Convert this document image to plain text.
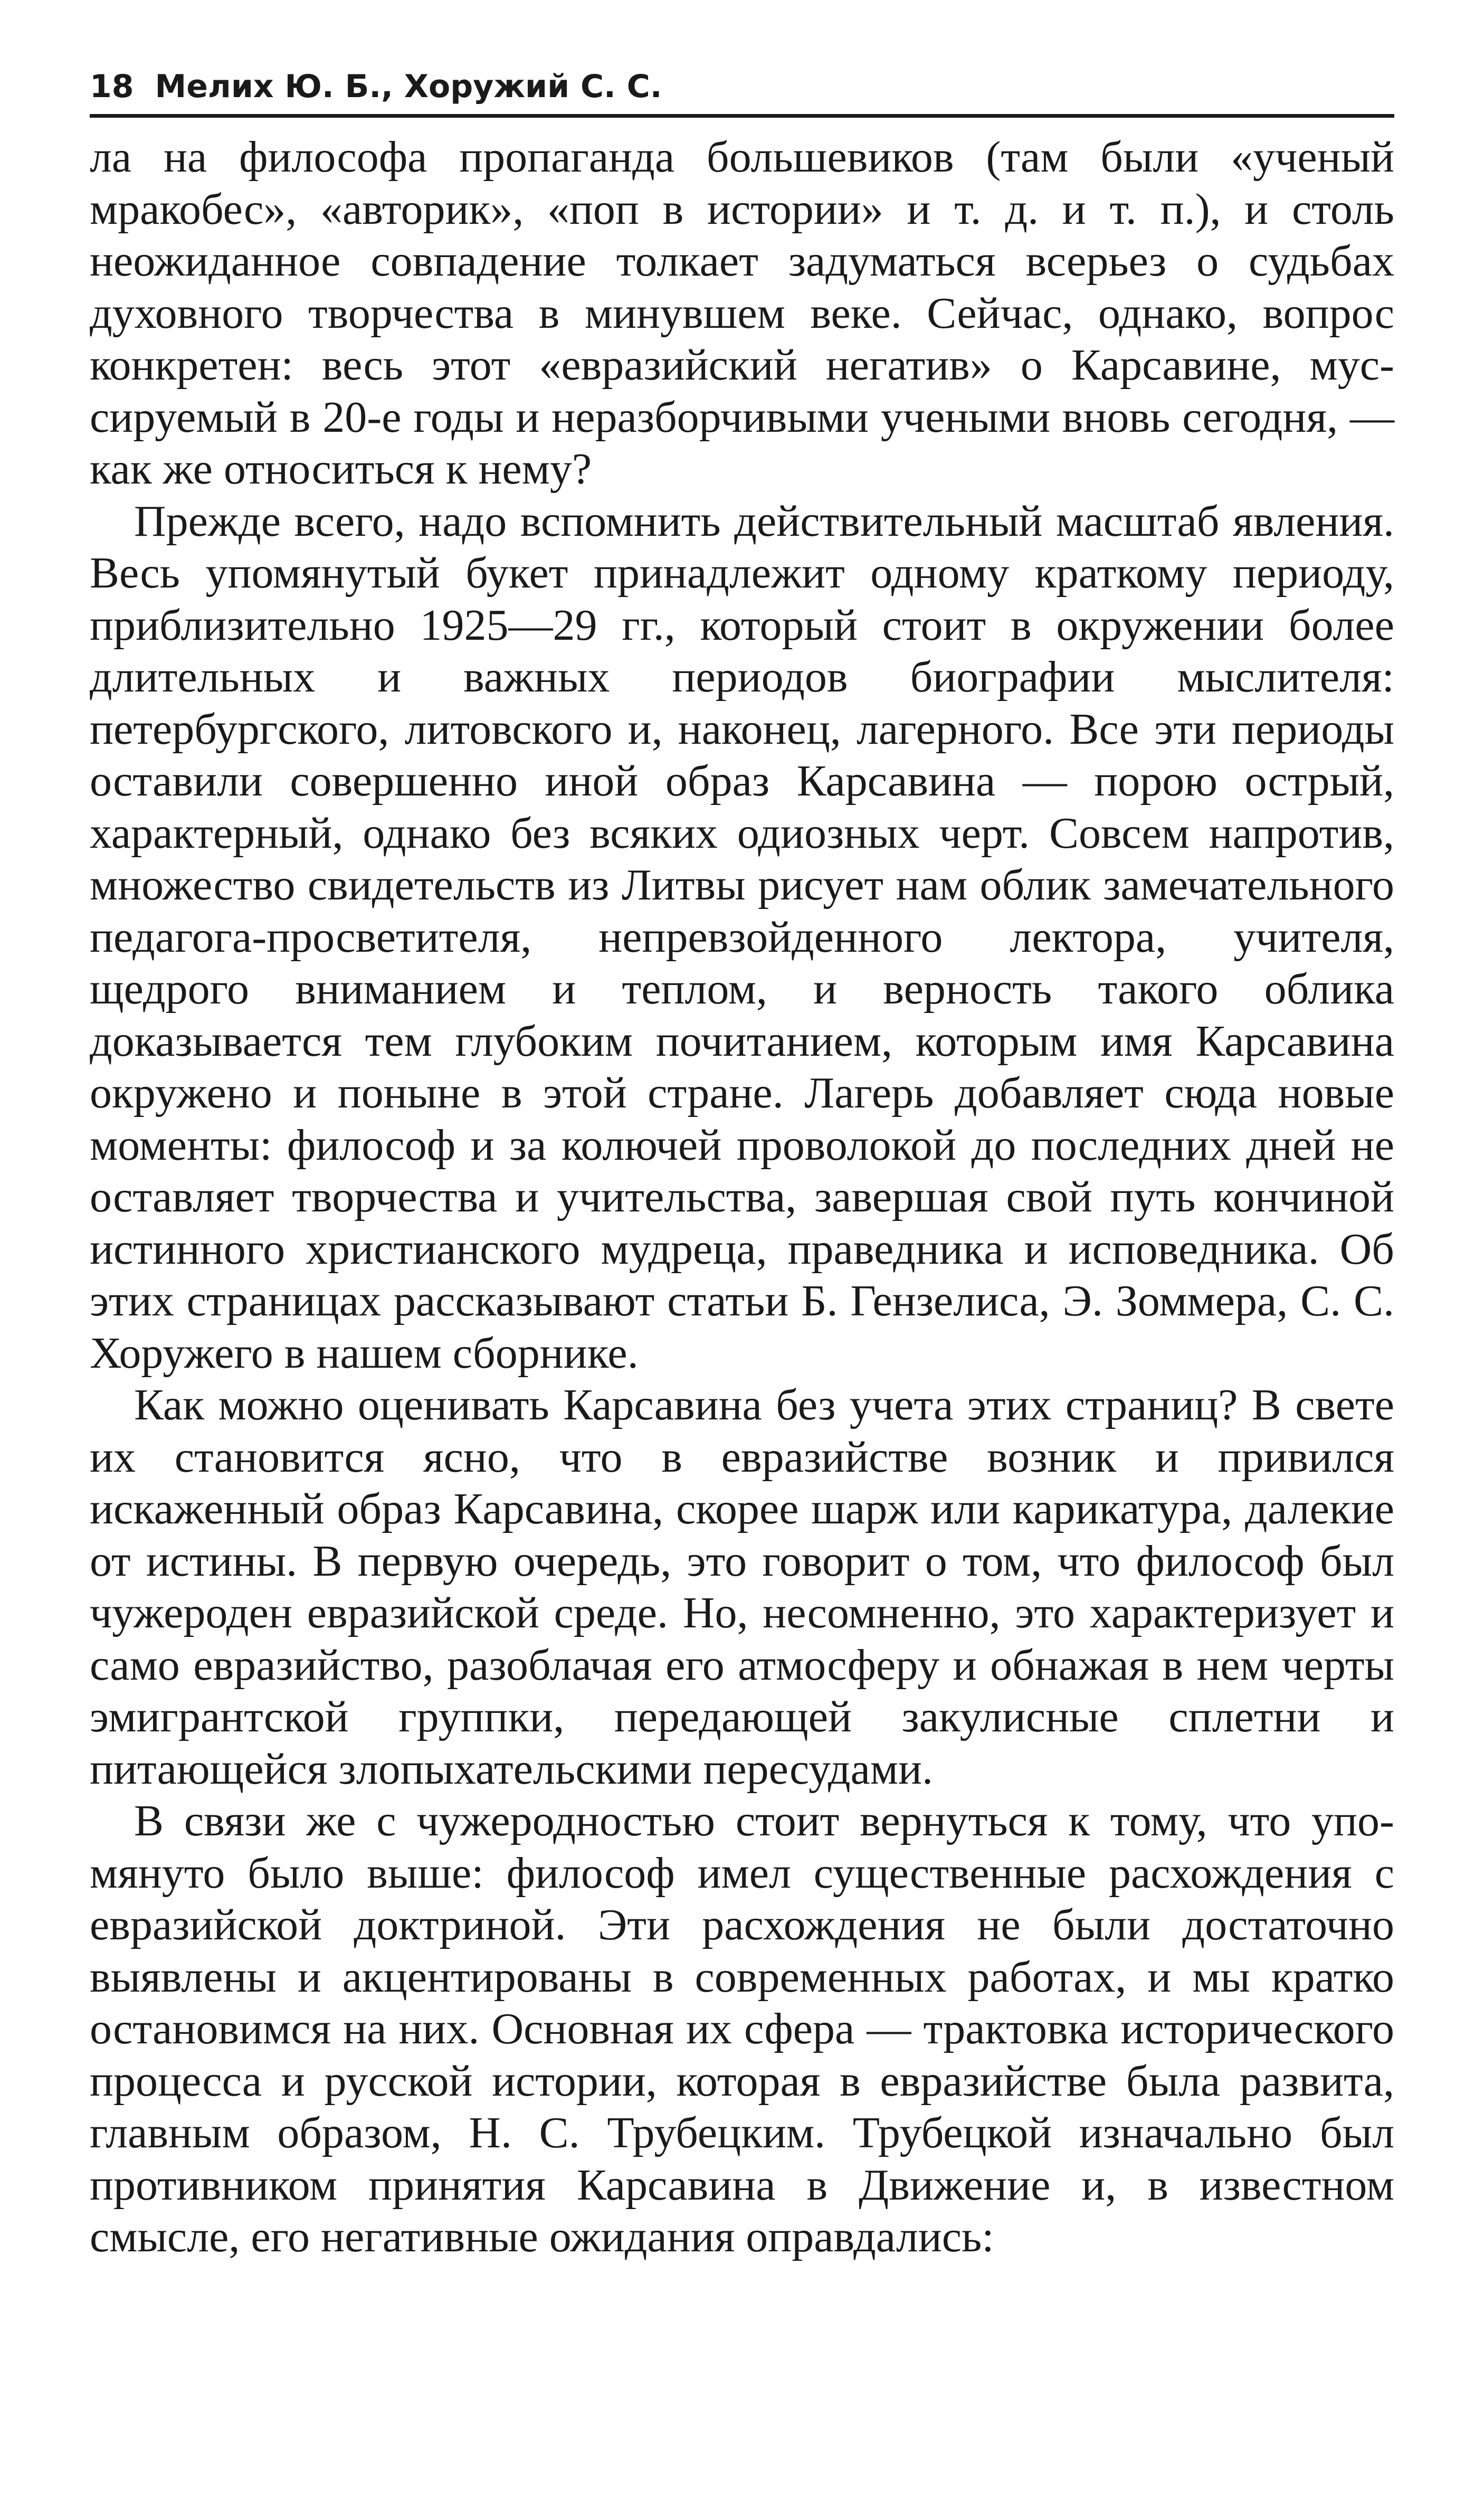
18 Мелих Ю. Б., Хоружий С. С.

ла на философа пропаганда большевиков (там были «ученый мракобес», «авторик», «поп в истории» и т. д. и т. п.), и столь неожиданное совпадение толкает задуматься всерьез о судьбах духовного творчества в минувшем веке. Сейчас, однако, вопрос конкретен: весь этот «евразийский негатив» о Карсавине, муссируемый в 20-е годы и неразборчивыми учеными вновь сегодня, — как же относиться к нему?

Прежде всего, надо вспомнить действительный масштаб явления. Весь упомянутый букет принадлежит одному краткому периоду, приблизительно 1925—29 гг., который стоит в окружении более длительных и важных периодов биографии мыслителя: петербургского, литовского и, наконец, лагерного. Все эти периоды оставили совершенно иной образ Карсавина — порою острый, характерный, однако без всяких одиозных черт. Совсем напротив, множество свидетельств из Литвы рисует нам облик замечательного педагога-просветителя, непревзойденного лектора, учителя, щедрого вниманием и теплом, и верность такого облика доказывается тем глубоким почитанием, которым имя Карсавина окружено и поныне в этой стране. Лагерь добавляет сюда новые моменты: философ и за колючей проволокой до последних дней не оставляет творчества и учительства, завершая свой путь кончиной истинного христианского мудреца, праведника и исповедника. Об этих страницах рассказывают статьи Б. Гензелиса, Э. Зоммера, С. С. Хоружего в нашем сборнике.

Как можно оценивать Карсавина без учета этих страниц? В свете их становится ясно, что в евразийстве возник и привился искаженный образ Карсавина, скорее шарж или карикатура, далекие от истины. В первую очередь, это говорит о том, что философ был чужероден евразийской среде. Но, несомненно, это характеризует и само евразийство, разоблачая его атмосферу и обнажая в нем черты эмигрантской группки, передающей закулисные сплетни и питающейся злопыхательскими пересудами.

В связи же с чужеродностью стоит вернуться к тому, что упомянуто было выше: философ имел существенные расхождения с евразийской доктриной. Эти расхождения не были достаточно выявлены и акцентированы в современных работах, и мы кратко остановимся на них. Основная их сфера — трактовка исторического процесса и русской истории, которая в евразийстве была развита, главным образом, Н. С. Трубецким. Трубецкой изначально был противником принятия Карсавина в Движение и, в известном смысле, его негативные ожидания оправдались:
